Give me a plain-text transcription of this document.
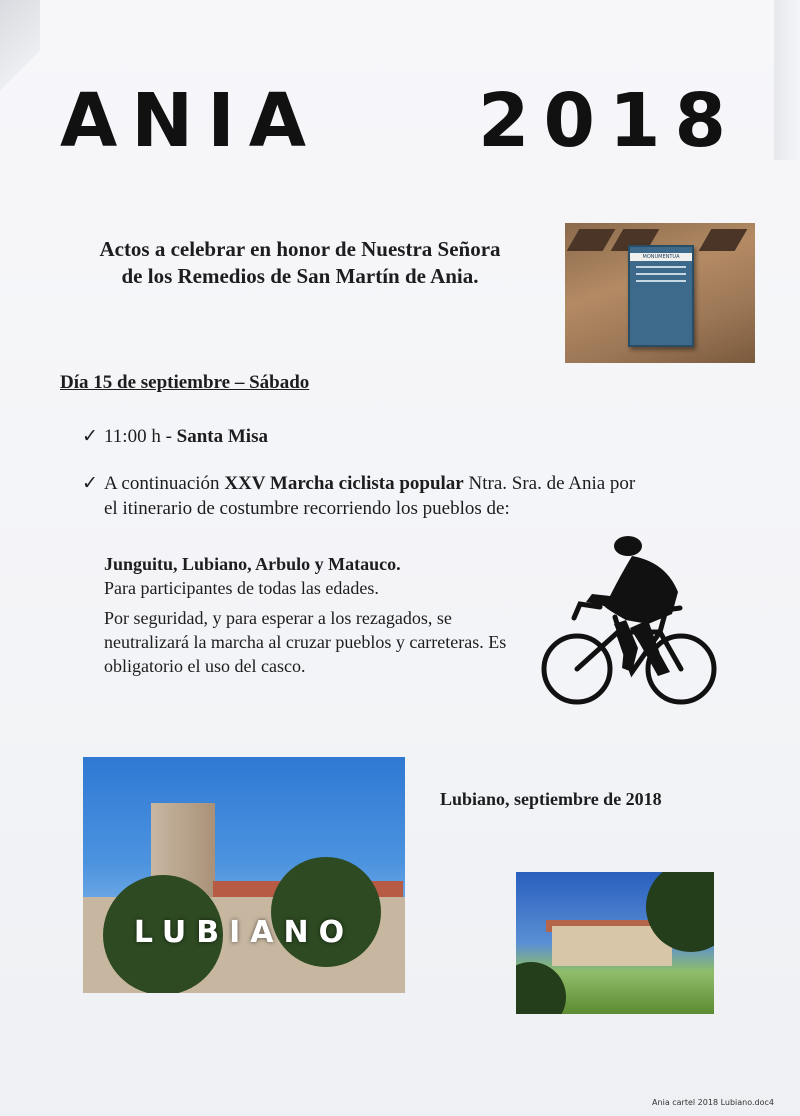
ANIA 2018
Actos a celebrar en honor de Nuestra Señora
de los Remedios de San Martín de Ania.
MONUMENTUA
Día 15 de septiembre – Sábado
✓ 11:00 h - Santa Misa
✓ A continuación XXV Marcha ciclista popular Ntra. Sra. de Ania por
el itinerario de costumbre recorriendo los pueblos de:
Junguitu, Lubiano, Arbulo y Matauco.
Para participantes de todas las edades.
Por seguridad, y para esperar a los rezagados, se neutralizará la marcha al cruzar pueblos y carreteras. Es obligatorio el uso del casco.
LUBIANO
Lubiano, septiembre de 2018
Ania cartel 2018 Lubiano.doc4
